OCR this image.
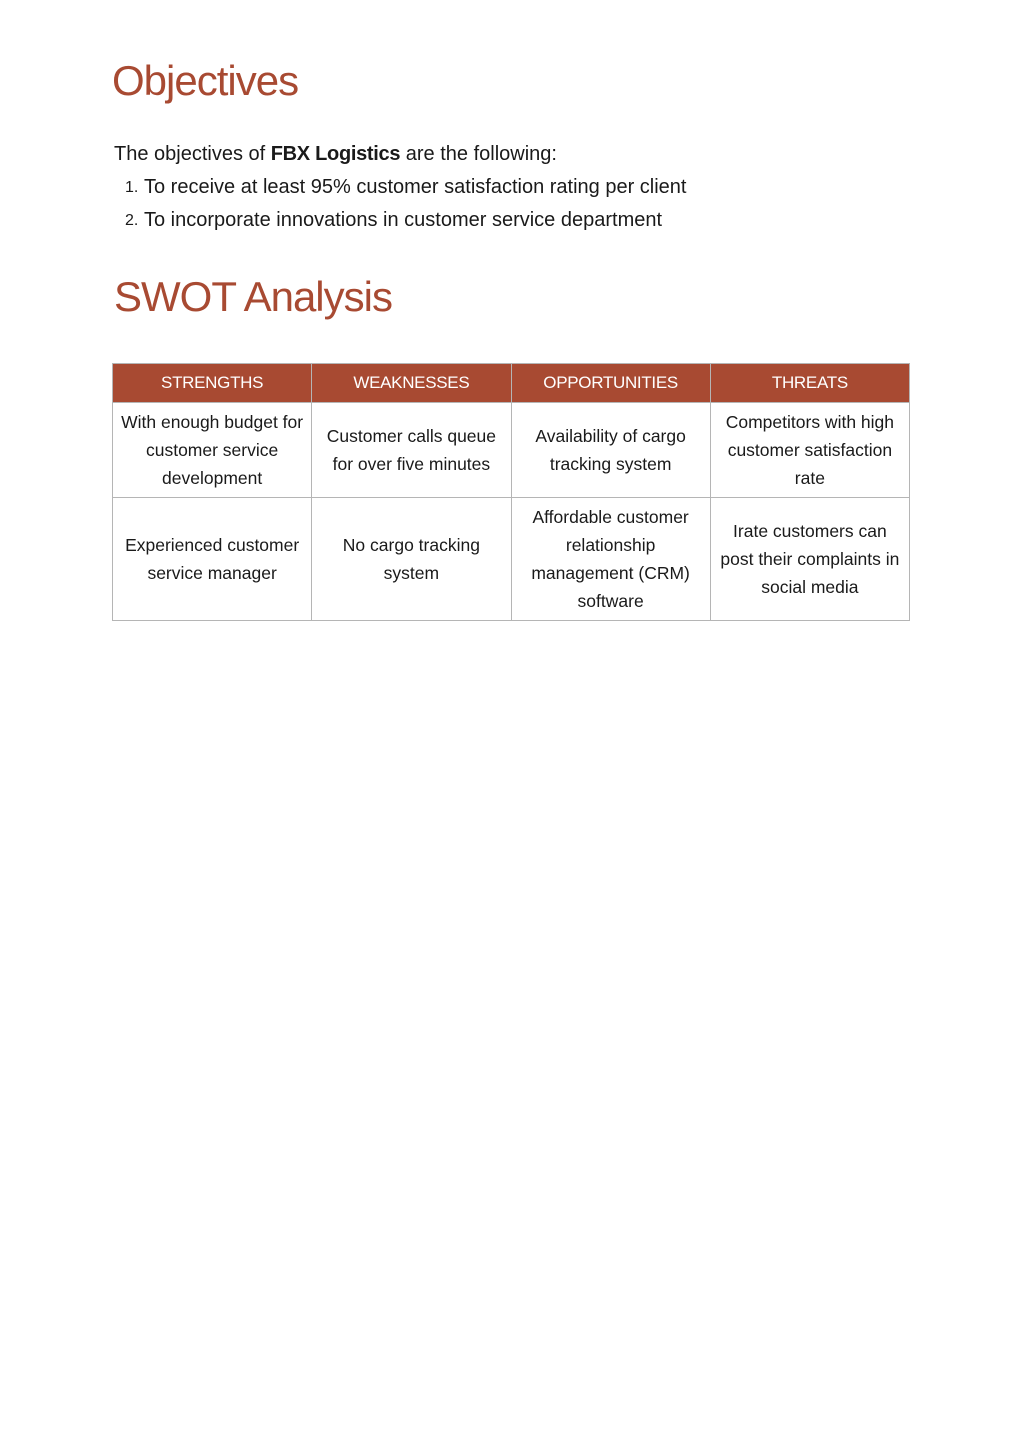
Objectives

The objectives of FBX Logistics are the following:

1. To receive at least 95% customer satisfaction rating per client
2. To incorporate innovations in customer service department
SWOT Analysis
STRENGTHS	WEAKNESSES	OPPORTUNITIES	THREATS
With enough budget for customer service development	Customer calls queue for over five minutes	Availability of cargo tracking system	Competitors with high customer satisfaction rate
Experienced customer service manager	No cargo tracking system	Affordable customer relationship management (CRM) software	Irate customers can post their complaints in social media
